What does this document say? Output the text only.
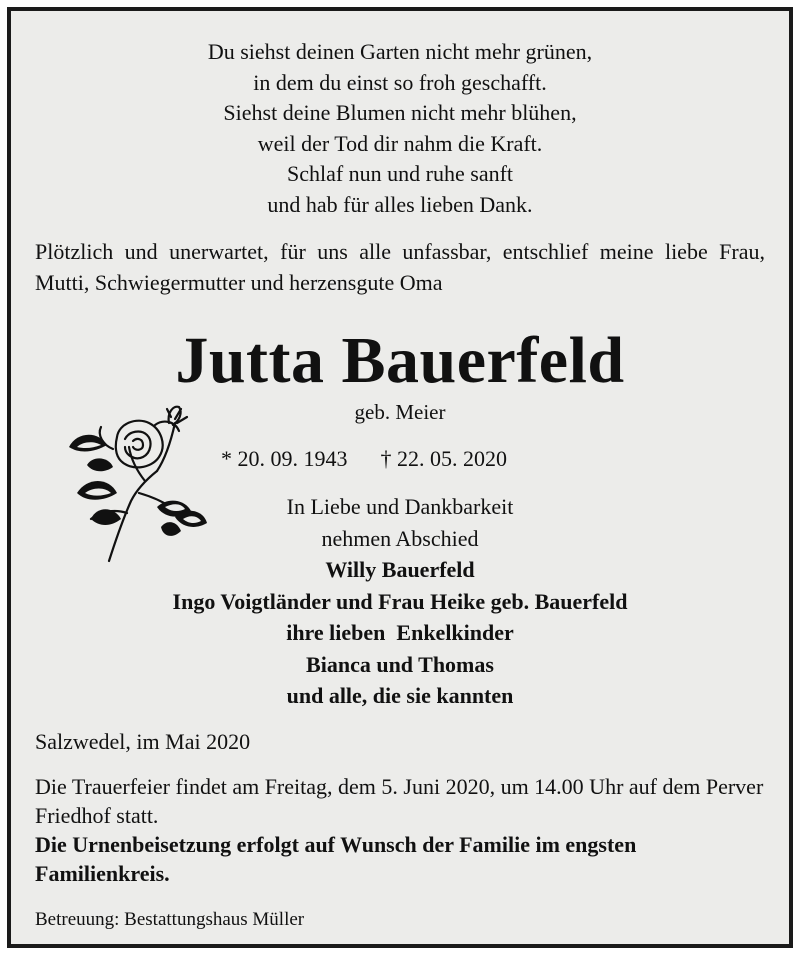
Du siehst deinen Garten nicht mehr grünen,
in dem du einst so froh geschafft.
Siehst deine Blumen nicht mehr blühen,
weil der Tod dir nahm die Kraft.
Schlaf nun und ruhe sanft
und hab für alles lieben Dank.
Plötzlich und unerwartet, für uns alle unfassbar, entschlief meine liebe Frau, Mutti, Schwiegermutter und herzensgute Oma
Jutta Bauerfeld
geb. Meier
* 20. 09. 1943 † 22. 05. 2020
In Liebe und Dankbarkeit
nehmen Abschied
Willy Bauerfeld
Ingo Voigtländer und Frau Heike geb. Bauerfeld
ihre lieben  Enkelkinder
Bianca und Thomas
und alle, die sie kannten
Salzwedel, im Mai 2020
Die Trauerfeier findet am Freitag, dem 5. Juni 2020, um 14.00 Uhr auf dem Perver Friedhof statt.
Die Urnenbeisetzung erfolgt auf Wunsch der Familie im engsten Familienkreis.
Betreuung: Bestattungshaus Müller
